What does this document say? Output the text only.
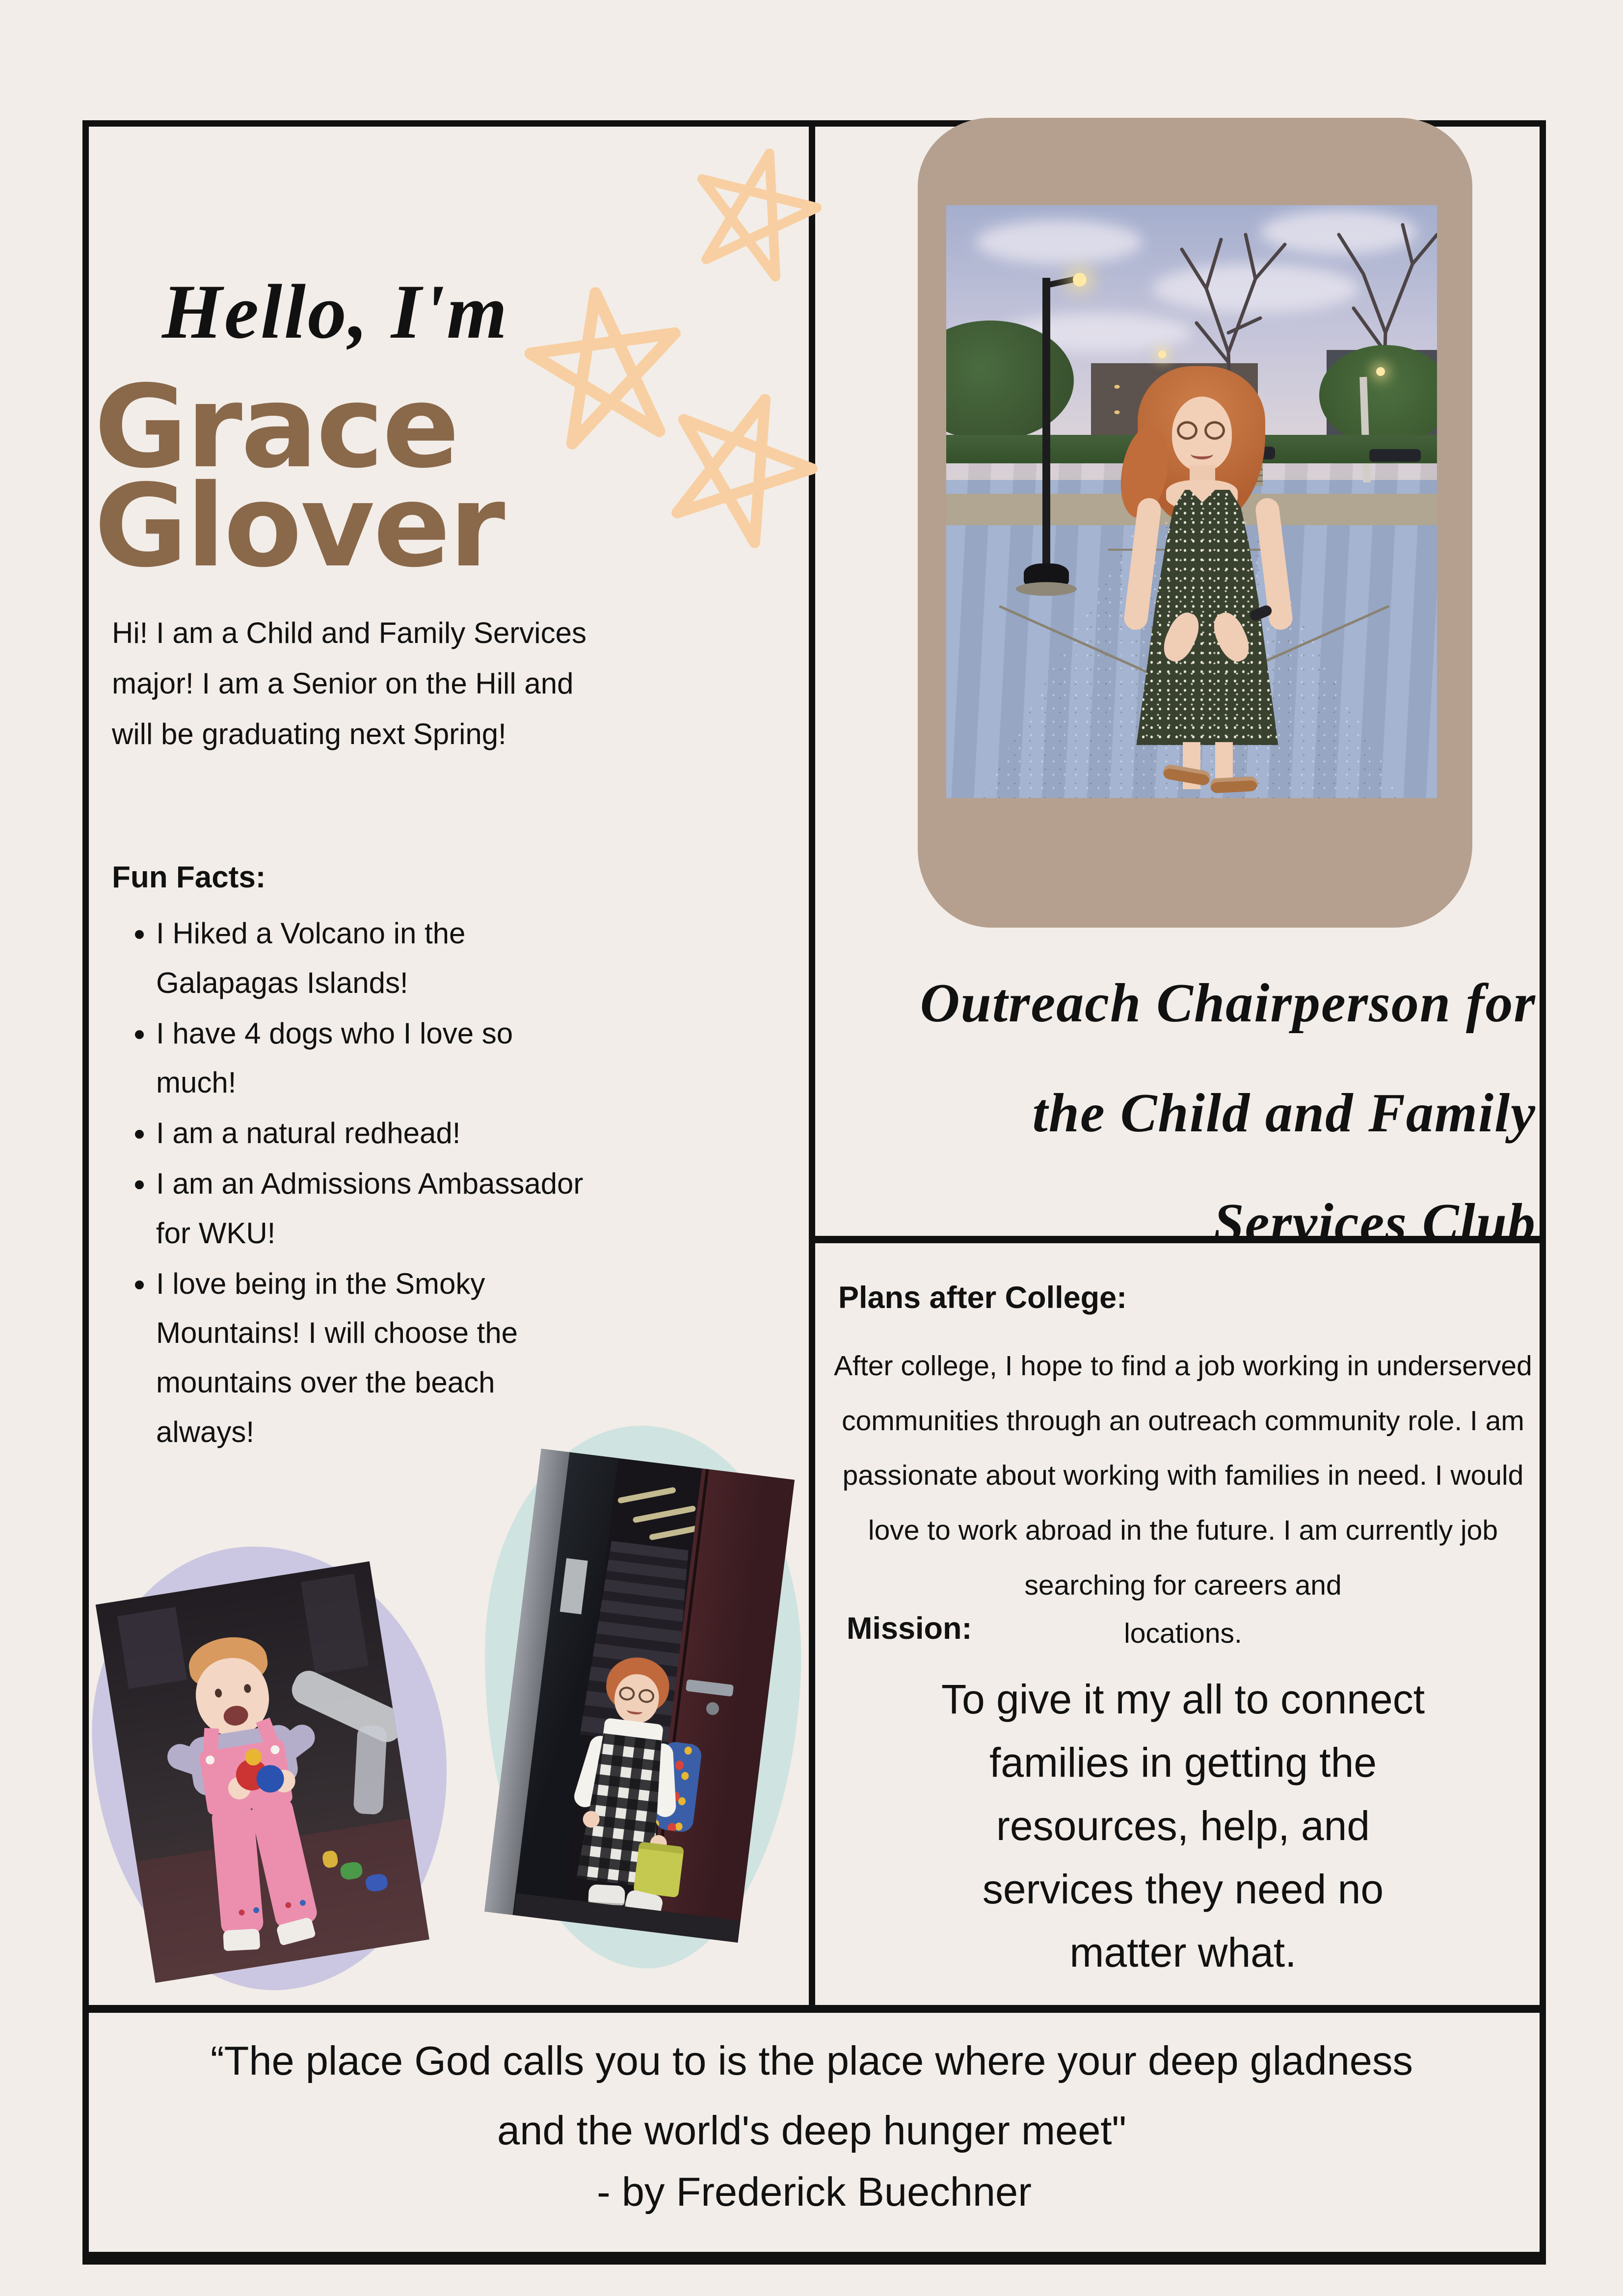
Hello, I'm
Grace Glover

Hi! I am a Child and Family Services major! I am a Senior on the Hill and will be graduating next Spring!

Fun Facts:
• I Hiked a Volcano in the Galapagas Islands!
• I have 4 dogs who I love so much!
• I am a natural redhead!
• I am an Admissions Ambassador for WKU!
• I love being in the Smoky Mountains! I will choose the mountains over the beach always!
Outreach Chairperson for
the Child and Family
Services Club
Plans after College:

After college, I hope to find a job working in underserved communities through an outreach community role. I am passionate about working with families in need. I would love to work abroad in the future. I am currently job searching for careers and

Mission:	locations.
To give it my all to connect
families in getting the
resources, help, and
services they need no
matter what.

“The place God calls you to is the place where your deep gladness and the world's deep hunger meet"

- by Frederick Buechner
